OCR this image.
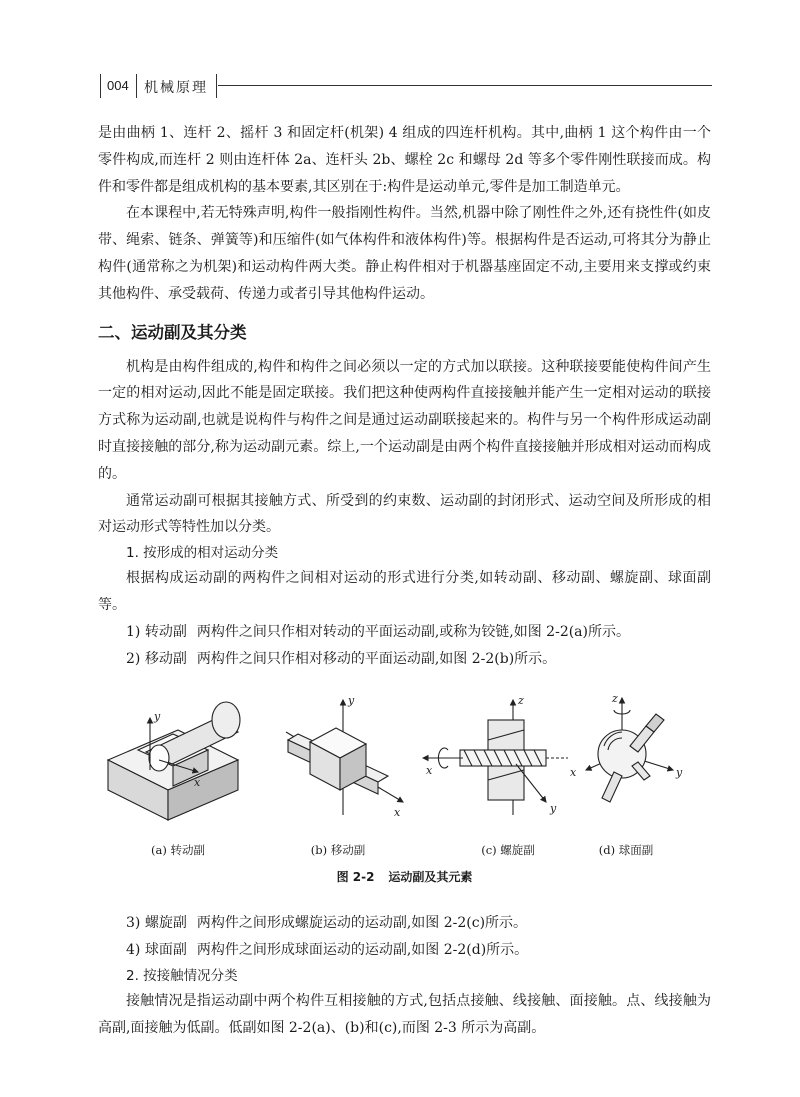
004 机械原理

是由曲柄 1、连杆 2、摇杆 3 和固定杆(机架) 4 组成的四连杆机构。其中,曲柄 1 这个构件由一个零件构成,而连杆 2 则由连杆体 2a、连杆头 2b、螺栓 2c 和螺母 2d 等多个零件刚性联接而成。构件和零件都是组成机构的基本要素,其区别在于:构件是运动单元,零件是加工制造单元。

在本课程中,若无特殊声明,构件一般指刚性构件。当然,机器中除了刚性件之外,还有挠性件(如皮带、绳索、链条、弹簧等)和压缩件(如气体构件和液体构件)等。根据构件是否运动,可将其分为静止构件(通常称之为机架)和运动构件两大类。静止构件相对于机器基座固定不动,主要用来支撑或约束其他构件、承受载荷、传递力或者引导其他构件运动。

二、运动副及其分类

机构是由构件组成的,构件和构件之间必须以一定的方式加以联接。这种联接要能使构件间产生一定的相对运动,因此不能是固定联接。我们把这种使两构件直接接触并能产生一定相对运动的联接方式称为运动副,也就是说构件与构件之间是通过运动副联接起来的。构件与另一个构件形成运动副时直接接触的部分,称为运动副元素。综上,一个运动副是由两个构件直接接触并形成相对运动而构成的。

通常运动副可根据其接触方式、所受到的约束数、运动副的封闭形式、运动空间及所形成的相对运动形式等特性加以分类。

1. 按形成的相对运动分类

根据构成运动副的两构件之间相对运动的形式进行分类,如转动副、移动副、螺旋副、球面副等。

1) 转动副 两构件之间只作相对转动的平面运动副,或称为铰链,如图 2-2(a)所示。

2) 移动副 两构件之间只作相对移动的平面运动副,如图 2-2(b)所示。

y
x
y
x
z
x
y
z
x	y
(a) 转动副	(b) 移动副	(c) 螺旋副	(d) 球面副
图 2-2 运动副及其元素

3) 螺旋副 两构件之间形成螺旋运动的运动副,如图 2-2(c)所示。

4) 球面副 两构件之间形成球面运动的运动副,如图 2-2(d)所示。

2. 按接触情况分类

接触情况是指运动副中两个构件互相接触的方式,包括点接触、线接触、面接触。点、线接触为高副,面接触为低副。低副如图 2-2(a)、(b)和(c),而图 2-3 所示为高副。
